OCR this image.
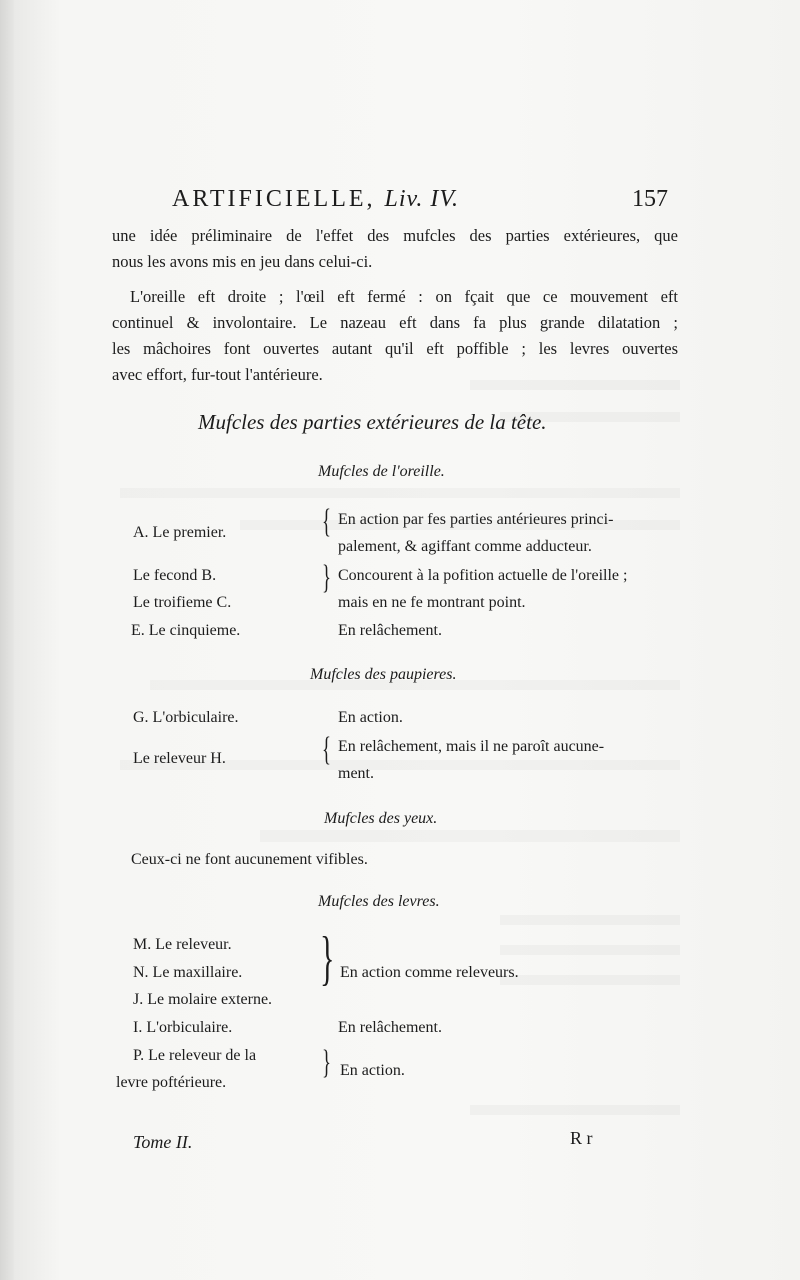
ARTIFICIELLE, Liv. IV.	157
une idée préliminaire de l'effet des mufcles des parties extérieures, que
nous les avons mis en jeu dans celui-ci.
L'oreille eft droite ; l'œil eft fermé : on fçait que ce mouvement eft
continuel & involontaire. Le nazeau eft dans fa plus grande dilatation ;
les mâchoires font ouvertes autant qu'il eft poffible ; les levres ouvertes
avec effort, fur-tout l'antérieure.
Mufcles des parties extérieures de la tête.
Mufcles de l'oreille.
A. Le premier.	{ En action par fes parties antérieures princi-
palement, & agiffant comme adducteur.
Le fecond B.
Le troifieme C.
} Concourent à la pofition actuelle de l'oreille ;
mais en ne fe montrant point.
E. Le cinquieme.	En relâchement.
Mufcles des paupieres.
G. L'orbiculaire.	En action.
Le releveur H.	{ En relâchement, mais il ne paroît aucune-
ment.
Mufcles des yeux.
Ceux-ci ne font aucunement vifibles.
Mufcles des levres.
M. Le releveur.
N. Le maxillaire.
J. Le molaire externe.
} En action comme releveurs.
I. L'orbiculaire.	En relâchement.
P. Le releveur de la
levre poftérieure.
} En action.
Tome II.	R r
